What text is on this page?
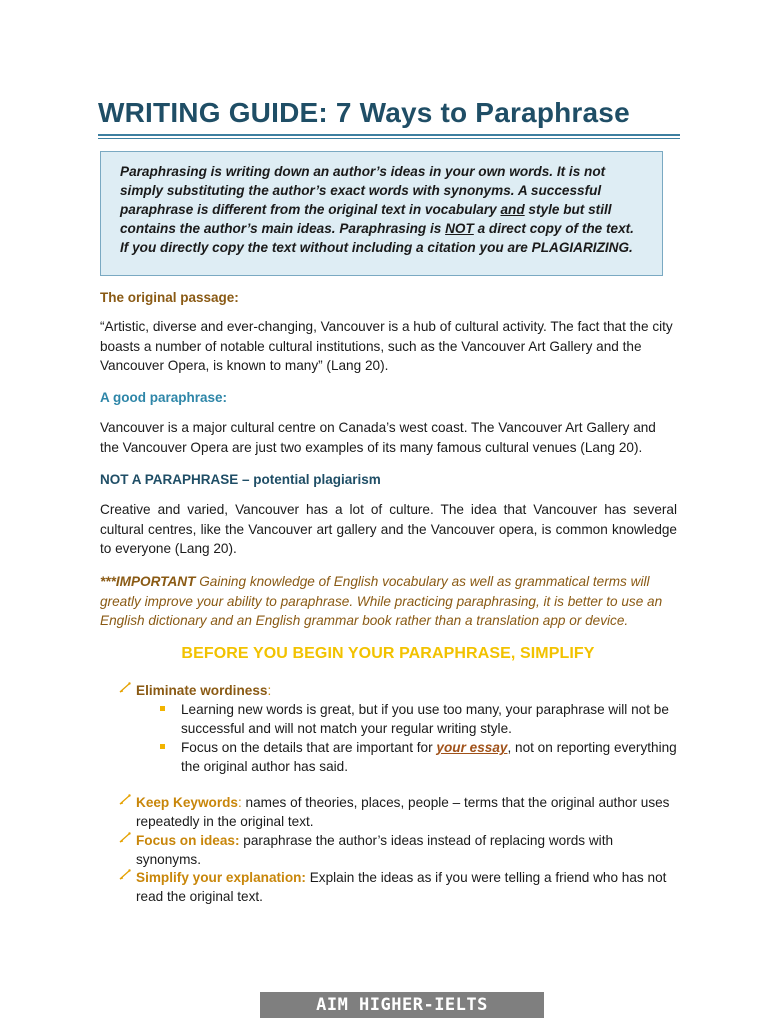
WRITING GUIDE: 7 Ways to Paraphrase
Paraphrasing is writing down an author’s ideas in your own words. It is not simply substituting the author’s exact words with synonyms. A successful paraphrase is different from the original text in vocabulary and style but still contains the author’s main ideas. Paraphrasing is NOT a direct copy of the text. If you directly copy the text without including a citation you are PLAGIARIZING.
The original passage:
“Artistic, diverse and ever-changing, Vancouver is a hub of cultural activity. The fact that the city boasts a number of notable cultural institutions, such as the Vancouver Art Gallery and the Vancouver Opera, is known to many” (Lang 20).
A good paraphrase:
Vancouver is a major cultural centre on Canada’s west coast. The Vancouver Art Gallery and the Vancouver Opera are just two examples of its many famous cultural venues (Lang 20).
NOT A PARAPHRASE – potential plagiarism
Creative and varied, Vancouver has a lot of culture. The idea that Vancouver has several cultural centres, like the Vancouver art gallery and the Vancouver opera, is common knowledge to everyone (Lang 20).
***IMPORTANT Gaining knowledge of English vocabulary as well as grammatical terms will greatly improve your ability to paraphrase. While practicing paraphrasing, it is better to use an English dictionary and an English grammar book rather than a translation app or device.
BEFORE YOU BEGIN YOUR PARAPHRASE, SIMPLIFY
Eliminate wordiness:
Learning new words is great, but if you use too many, your paraphrase will not be successful and will not match your regular writing style.
Focus on the details that are important for your essay, not on reporting everything the original author has said.
Keep Keywords: names of theories, places, people – terms that the original author uses repeatedly in the original text.
Focus on ideas: paraphrase the author’s ideas instead of replacing words with synonyms.
Simplify your explanation: Explain the ideas as if you were telling a friend who has not read the original text.
AIM HIGHER-IELTS
